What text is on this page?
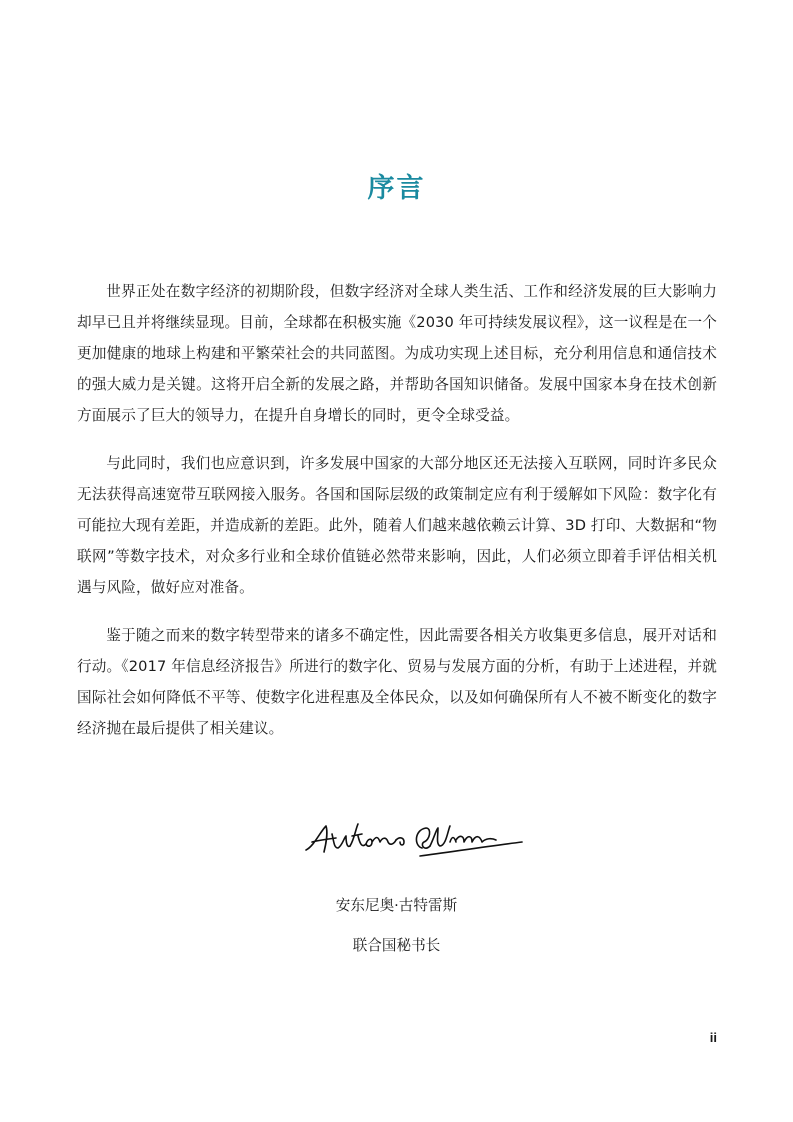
序言

世界正处在数字经济的初期阶段，但数字经济对全球人类生活、工作和经济发展的巨大影响力却早已且并将继续显现。目前，全球都在积极实施《2030 年可持续发展议程》，这一议程是在一个更加健康的地球上构建和平繁荣社会的共同蓝图。为成功实现上述目标，充分利用信息和通信技术的强大威力是关键。这将开启全新的发展之路，并帮助各国知识储备。发展中国家本身在技术创新方面展示了巨大的领导力，在提升自身增长的同时，更令全球受益。

与此同时，我们也应意识到，许多发展中国家的大部分地区还无法接入互联网，同时许多民众无法获得高速宽带互联网接入服务。各国和国际层级的政策制定应有利于缓解如下风险：数字化有可能拉大现有差距，并造成新的差距。此外，随着人们越来越依赖云计算、3D 打印、大数据和“物联网”等数字技术，对众多行业和全球价值链必然带来影响，因此，人们必须立即着手评估相关机遇与风险，做好应对准备。

鉴于随之而来的数字转型带来的诸多不确定性，因此需要各相关方收集更多信息，展开对话和行动。《2017 年信息经济报告》所进行的数字化、贸易与发展方面的分析，有助于上述进程，并就国际社会如何降低不平等、使数字化进程惠及全体民众，以及如何确保所有人不被不断变化的数字经济抛在最后提供了相关建议。

安东尼奥·古特雷斯

联合国秘书长

ii
